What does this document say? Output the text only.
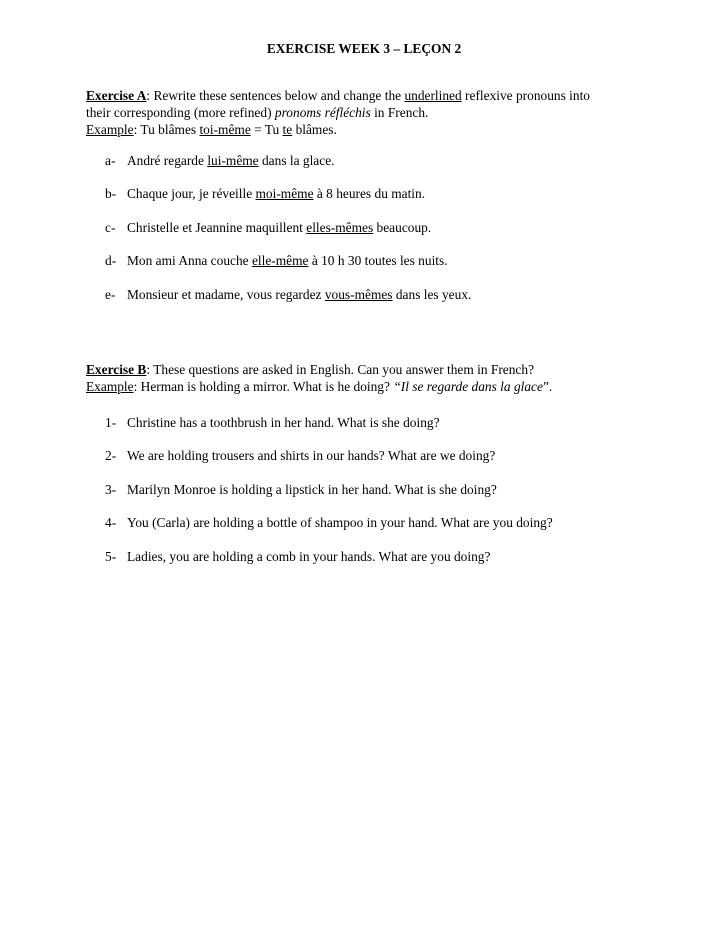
EXERCISE WEEK 3 – LEÇON 2

Exercise A: Rewrite these sentences below and change the underlined reflexive pronouns into
their corresponding (more refined) pronoms réfléchis in French.
Example: Tu blâmes toi-même = Tu te blâmes.

a- André regarde lui-même dans la glace.
b- Chaque jour, je réveille moi-même à 8 heures du matin.
c- Christelle et Jeannine maquillent elles-mêmes beaucoup.
d- Mon ami Anna couche elle-même à 10 h 30 toutes les nuits.
e- Monsieur et madame, vous regardez vous-mêmes dans les yeux.

Exercise B: These questions are asked in English. Can you answer them in French?
Example: Herman is holding a mirror. What is he doing? “Il se regarde dans la glace”.

1- Christine has a toothbrush in her hand. What is she doing?
2- We are holding trousers and shirts in our hands? What are we doing?
3- Marilyn Monroe is holding a lipstick in her hand. What is she doing?
4- You (Carla) are holding a bottle of shampoo in your hand. What are you doing?
5- Ladies, you are holding a comb in your hands. What are you doing?
